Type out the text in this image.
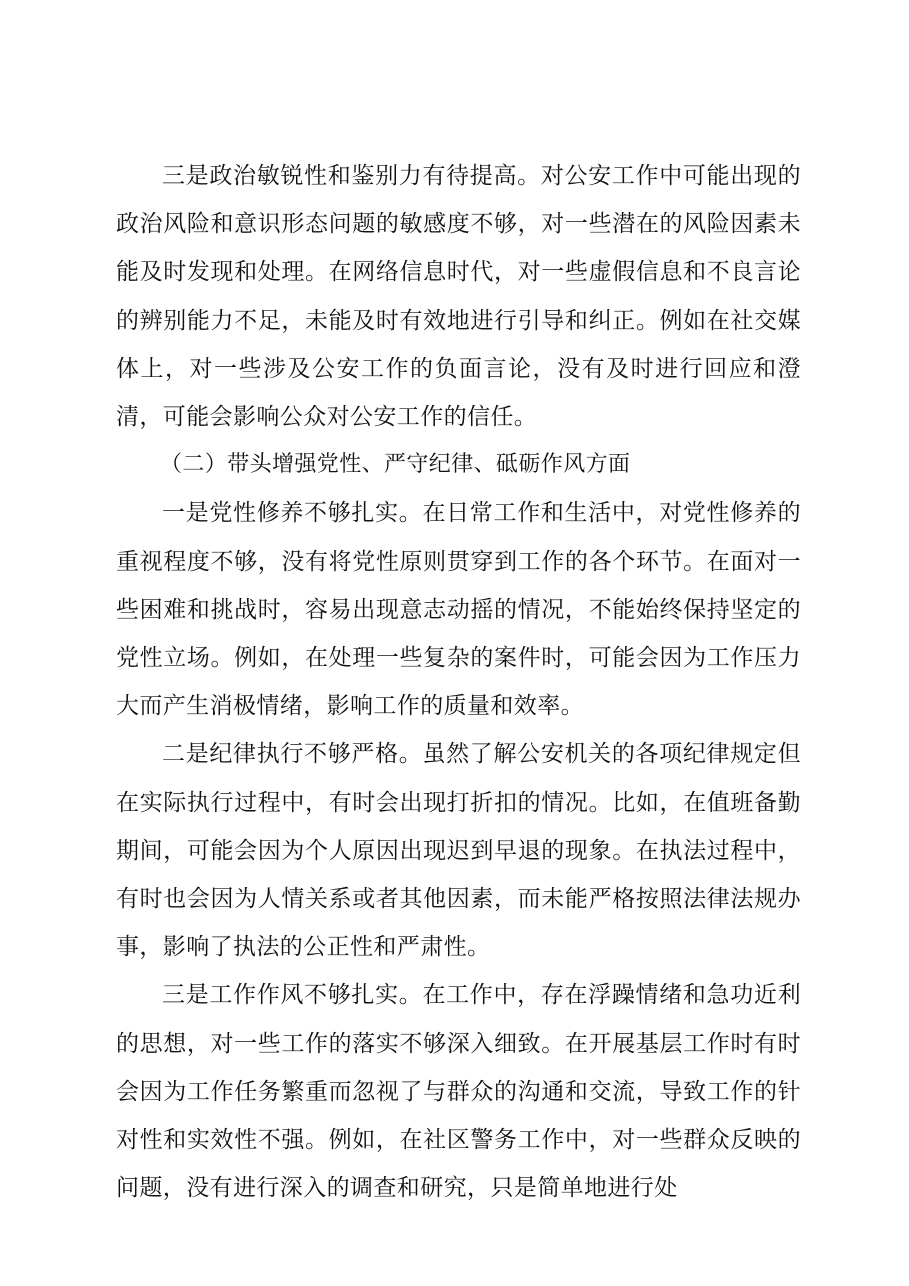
三是政治敏锐性和鉴别力有待提高。对公安工作中可能出现的政治风险和意识形态问题的敏感度不够，对一些潜在的风险因素未能及时发现和处理。在网络信息时代，对一些虚假信息和不良言论的辨别能力不足，未能及时有效地进行引导和纠正。例如在社交媒体上，对一些涉及公安工作的负面言论，没有及时进行回应和澄清，可能会影响公众对公安工作的信任。

（二）带头增强党性、严守纪律、砥砺作风方面

一是党性修养不够扎实。在日常工作和生活中，对党性修养的重视程度不够，没有将党性原则贯穿到工作的各个环节。在面对一些困难和挑战时，容易出现意志动摇的情况，不能始终保持坚定的党性立场。例如，在处理一些复杂的案件时，可能会因为工作压力大而产生消极情绪，影响工作的质量和效率。

二是纪律执行不够严格。虽然了解公安机关的各项纪律规定但在实际执行过程中，有时会出现打折扣的情况。比如，在值班备勤期间，可能会因为个人原因出现迟到早退的现象。在执法过程中，有时也会因为人情关系或者其他因素，而未能严格按照法律法规办事，影响了执法的公正性和严肃性。

三是工作作风不够扎实。在工作中，存在浮躁情绪和急功近利的思想，对一些工作的落实不够深入细致。在开展基层工作时有时会因为工作任务繁重而忽视了与群众的沟通和交流，导致工作的针对性和实效性不强。例如，在社区警务工作中，对一些群众反映的问题，没有进行深入的调查和研究，只是简单地进行处
